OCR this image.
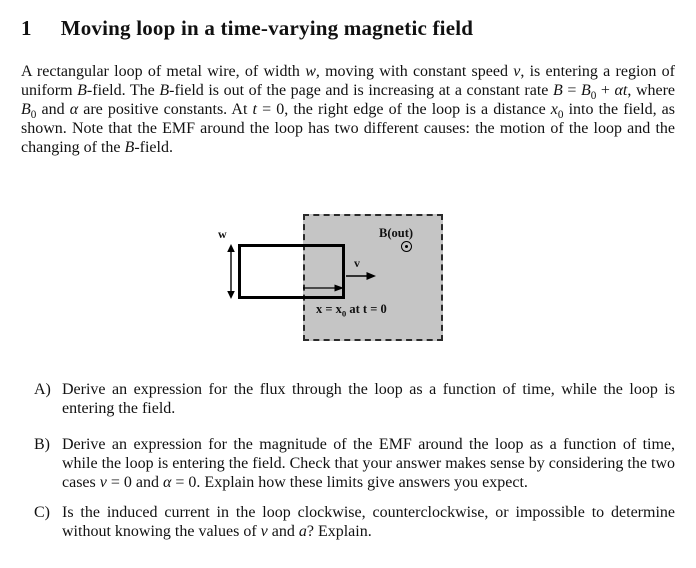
1 Moving loop in a time-varying magnetic field

A rectangular loop of metal wire, of width w, moving with constant speed v, is entering a region of uniform B-field. The B-field is out of the page and is increasing at a constant rate $B = B_0 + \alpha t$, where $B_0$ and α are positive constants. At t = 0, the right edge of the loop is a distance $x_0$ into the field, as shown. Note that the EMF around the loop has two different causes: the motion of the loop and the changing of the B-field.

w	B(out)
v
$x = x_0$ at t = 0
A) Derive an expression for the flux through the loop as a function of time, while the loop is entering the field.
B) Derive an expression for the magnitude of the EMF around the loop as a function of time, while the loop is entering the field. Check that your answer makes sense by considering the two cases v = 0 and α = 0. Explain how these limits give answers you expect.
C) Is the induced current in the loop clockwise, counterclockwise, or impossible to determine without knowing the values of v and a? Explain.
